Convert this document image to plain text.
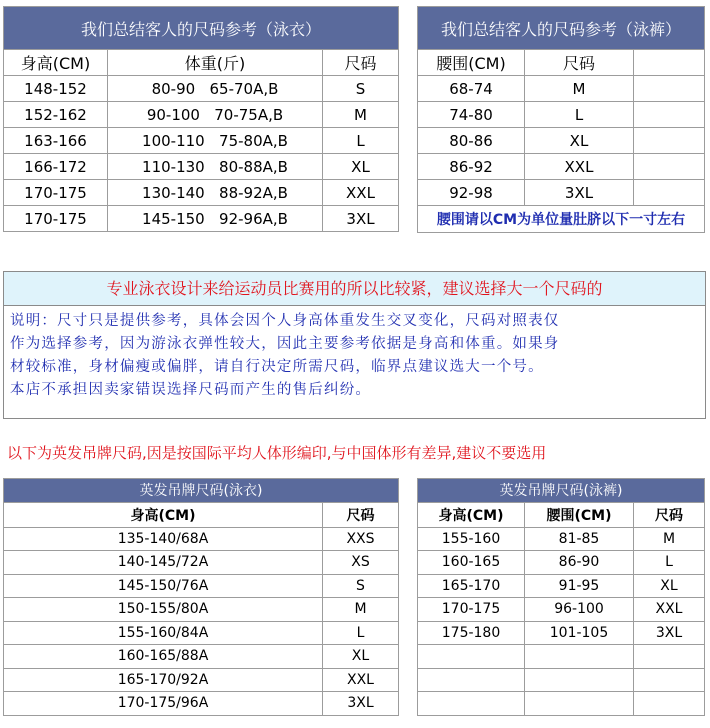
我们总结客人的尺码参考（泳衣）		
身高(CM)	体重(斤)	尺码
148-152	80-90   65-70A,B	S
152-162	90-100   70-75A,B	M
163-166	100-110   75-80A,B	L
166-172	110-130   80-88A,B	XL
170-175	130-140   88-92A,B	XXL
170-175	145-150   92-96A,B	3XL
我们总结客人的尺码参考（泳裤）		
腰围(CM)	尺码	
68-74	M	
74-80	L	
80-86	XL	
86-92	XXL	
92-98	3XL	
腰围请以CM为单位量肚脐以下一寸左右		
专业泳衣设计来给运动员比赛用的所以比较紧，建议选择大一个尺码的
说明：尺寸只是提供参考，具体会因个人身高体重发生交叉变化，尺码对照表仅
作为选择参考，因为游泳衣弹性较大，因此主要参考依据是身高和体重。如果身
材较标准，身材偏瘦或偏胖，请自行决定所需尺码，临界点建议选大一个号。
本店不承担因卖家错误选择尺码而产生的售后纠纷。
以下为英发吊牌尺码,因是按国际平均人体形编印,与中国体形有差异,建议不要选用
英发吊牌尺码(泳衣)	
身高(CM)	尺码
135-140/68A	XXS
140-145/72A	XS
145-150/76A	S
150-155/80A	M
155-160/84A	L
160-165/88A	XL
165-170/92A	XXL
170-175/96A	3XL
英发吊牌尺码(泳裤)		
身高(CM)	腰围(CM)	尺码
155-160	81-85	M
160-165	86-90	L
165-170	91-95	XL
170-175	96-100	XXL
175-180	101-105	3XL
